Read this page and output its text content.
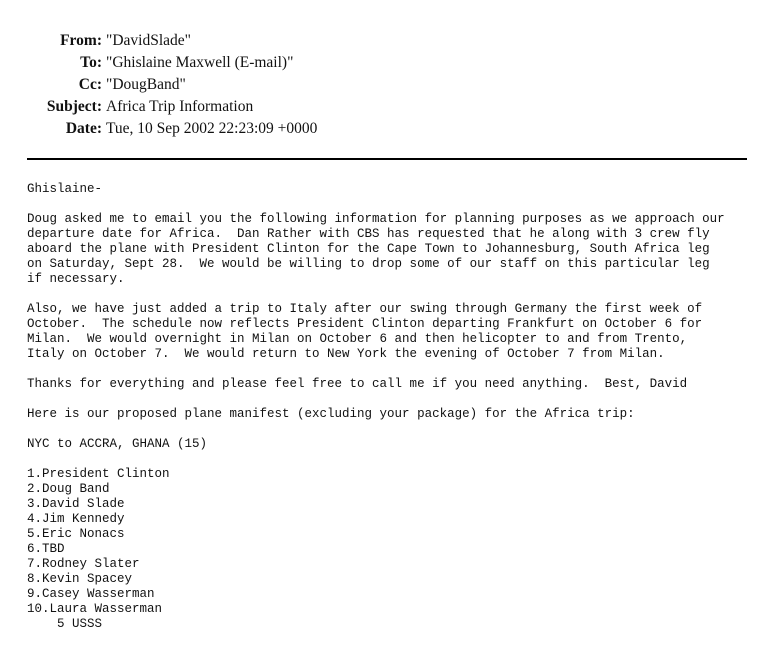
From: "DavidSlade"
To: "Ghislaine Maxwell (E-mail)"
Cc: "DougBand"
Subject: Africa Trip Information
Date: Tue, 10 Sep 2002 22:23:09 +0000
Ghislaine-
Doug asked me to email you the following information for planning purposes as we approach our
departure date for Africa.  Dan Rather with CBS has requested that he along with 3 crew fly
aboard the plane with President Clinton for the Cape Town to Johannesburg, South Africa leg
on Saturday, Sept 28.  We would be willing to drop some of our staff on this particular leg
if necessary.
Also, we have just added a trip to Italy after our swing through Germany the first week of
October.  The schedule now reflects President Clinton departing Frankfurt on October 6 for
Milan.  We would overnight in Milan on October 6 and then helicopter to and from Trento,
Italy on October 7.  We would return to New York the evening of October 7 from Milan.
Thanks for everything and please feel free to call me if you need anything.  Best, David
Here is our proposed plane manifest (excluding your package) for the Africa trip:
NYC to ACCRA, GHANA (15)
1.President Clinton
2.Doug Band
3.David Slade
4.Jim Kennedy
5.Eric Nonacs
6.TBD
7.Rodney Slater
8.Kevin Spacey
9.Casey Wasserman
10.Laura Wasserman
5 USSS
